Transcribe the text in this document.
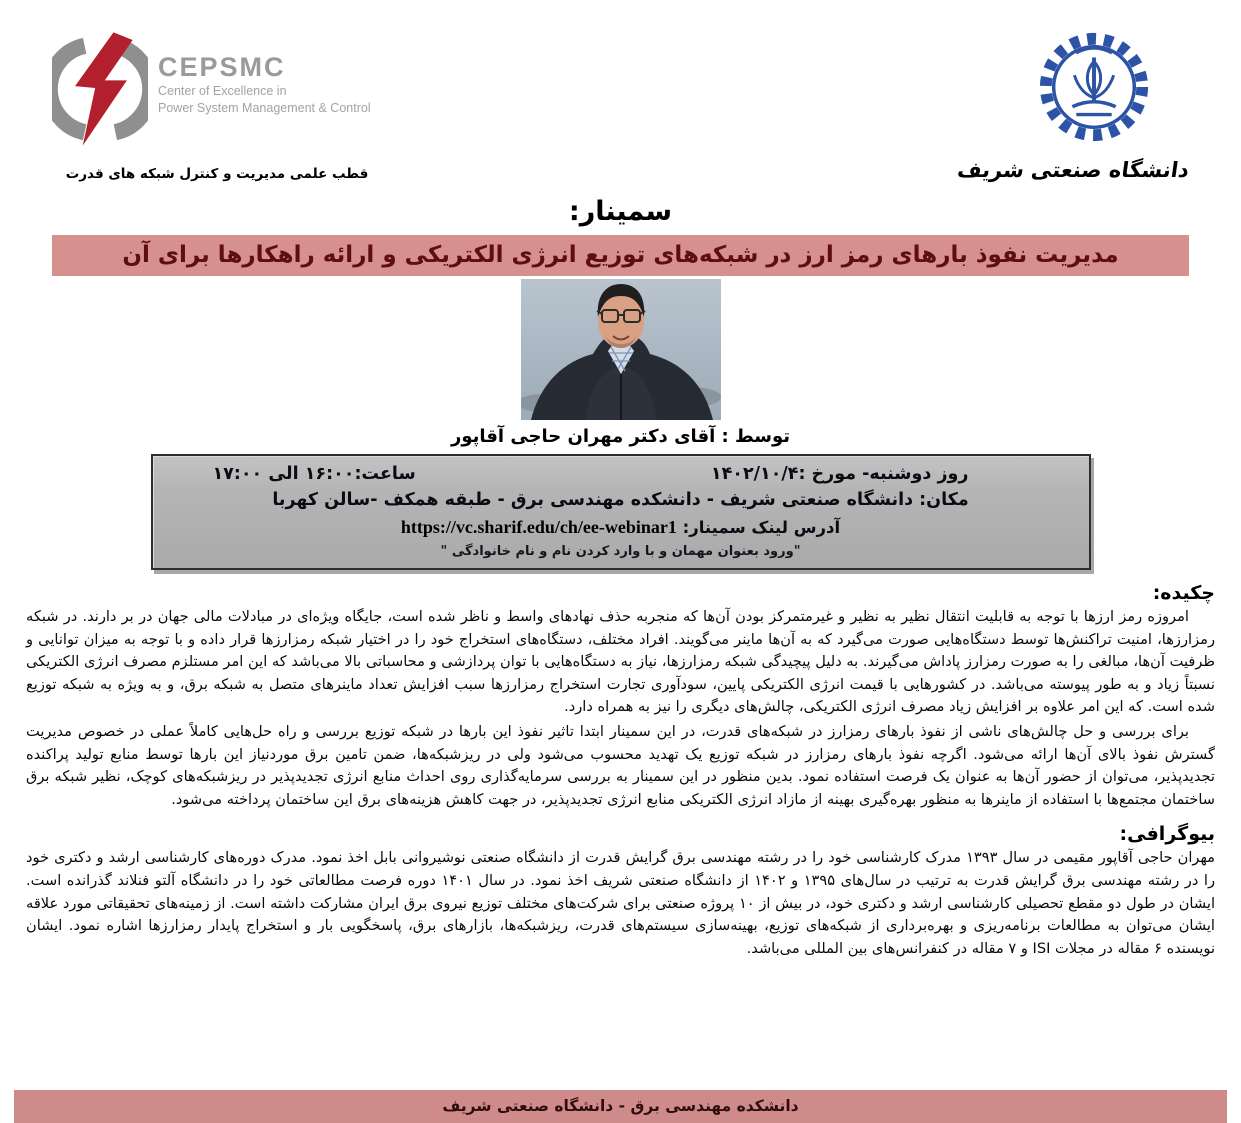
CEPSMC
Center of Excellence in
Power System Management & Control
قطب علمی مدیریت و کنترل شبکه های قدرت	دانشگاه صنعتی شریف
سمینار:
مدیریت نفوذ بارهای رمز ارز در شبکه‌های توزیع انرژی الکتریکی و ارائه راهکارها برای آن
توسط : آقای دکتر مهران حاجی آقاپور
روز دوشنبه- مورخ :۱۴۰۲/۱۰/۴
ساعت:۱۶:۰۰ الی ۱۷:۰۰
مکان: دانشگاه صنعتی شریف - دانشکده مهندسی برق - طبقه همکف -سالن کهربا
آدرس لینک سمینار: https://vc.sharif.edu/ch/ee-webinar1
"ورود بعنوان مهمان و با وارد کردن نام و نام خانوادگی "
چکیده:

امروزه رمز ارزها با توجه به قابلیت انتقال نظیر به نظیر و غیرمتمرکز بودن آن‌ها که منجربه حذف نهادهای واسط و ناظر شده است، جایگاه ویژه‌ای در مبادلات مالی جهان در بر دارند. در شبکه رمزارزها، امنیت تراکنش‌ها توسط دستگاه‌هایی صورت می‌گیرد که به آن‌ها ماینر می‌گویند. افراد مختلف، دستگاه‌های استخراج خود را در اختیار شبکه رمزارزها قرار داده و با توجه به میزان توانایی و ظرفیت آن‌ها، مبالغی را به صورت رمزارز پاداش می‌گیرند. به دلیل پیچیدگی شبکه رمزارزها، نیاز به دستگاه‌هایی با توان پردازشی و محاسباتی بالا می‌باشد که این امر مستلزم مصرف انرژی الکتریکی نسبتاً زیاد و به طور پیوسته می‌باشد. در کشورهایی با قیمت انرژی الکتریکی پایین، سودآوری تجارت استخراج رمزارزها سبب افزایش تعداد ماینرهای متصل به شبکه برق، و به ویژه به شبکه توزیع شده است. که این امر علاوه بر افزایش زیاد مصرف انرژی الکتریکی، چالش‌های دیگری را نیز به همراه دارد.

برای بررسی و حل چالش‌های ناشی از نفوذ بارهای رمزارز در شبکه‌های قدرت، در این سمینار ابتدا تاثیر نفوذ این بارها در شبکه توزیع بررسی و راه حل‌هایی کاملاً عملی در خصوص مدیریت گسترش نفوذ بالای آن‌ها ارائه می‌شود. اگرچه نفوذ بارهای رمزارز در شبکه توزیع یک تهدید محسوب می‌شود ولی در ریزشبکه‌ها، ضمن تامین برق موردنیاز این بارها توسط منابع تولید پراکنده تجدیدپذیر، می‌توان از حضور آن‌ها به عنوان یک فرصت استفاده نمود. بدین منظور در این سمینار به بررسی سرمایه‌گذاری روی احداث منابع انرژی تجدیدپذیر در ریزشبکه‌های کوچک، نظیر شبکه برق ساختمان مجتمع‌ها با استفاده از ماینرها به منظور بهره‌گیری بهینه از مازاد انرژی الکتریکی منابع انرژی تجدیدپذیر، در جهت کاهش هزینه‌های برق این ساختمان پرداخته می‌شود.

بیوگرافی:

مهران حاجی آقاپور مقیمی در سال ۱۳۹۳ مدرک کارشناسی خود را در رشته مهندسی برق گرایش قدرت از دانشگاه صنعتی نوشیروانی بابل اخذ نمود. مدرک دوره‌های کارشناسی ارشد و دکتری خود را در رشته مهندسی برق گرایش قدرت به ترتیب در سال‌های ۱۳۹۵ و ۱۴۰۲ از دانشگاه صنعتی شریف اخذ نمود. در سال ۱۴۰۱ دوره فرصت مطالعاتی خود را در دانشگاه آلتو فنلاند گذرانده است. ایشان در طول دو مقطع تحصیلی کارشناسی ارشد و دکتری خود، در بیش از ۱۰ پروژه صنعتی برای شرکت‌های مختلف توزیع نیروی برق ایران مشارکت داشته است. از زمینه‌های تحقیقاتی مورد علاقه ایشان می‌توان به مطالعات برنامه‌ریزی و بهره‌برداری از شبکه‌های توزیع، بهینه‌سازی سیستم‌های قدرت، ریزشبکه‌ها، بازارهای برق، پاسخگویی بار و استخراج پایدار رمزارزها اشاره نمود. ایشان نویسنده ۶ مقاله در مجلات ISI و ۷ مقاله در کنفرانس‌های بین المللی می‌باشد.

دانشکده مهندسی برق - دانشگاه صنعتی شریف
